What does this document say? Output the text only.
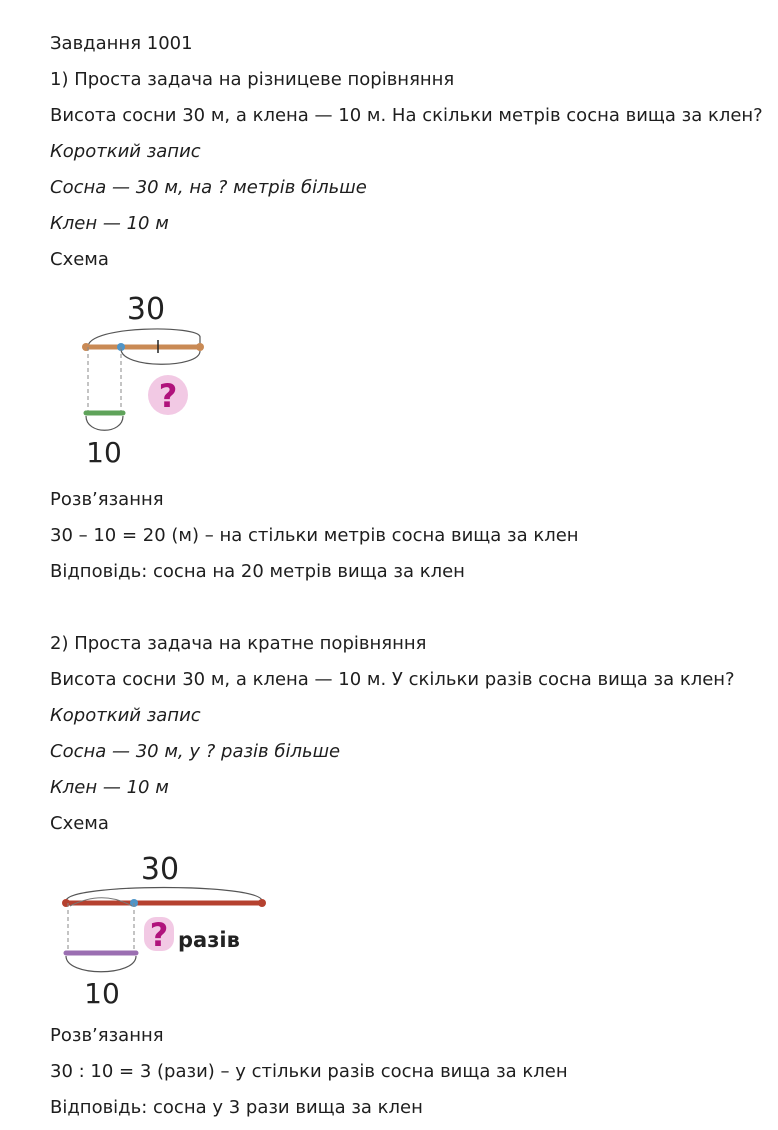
Завдання 1001
1) Проста задача на різницеве порівняння
Висота сосни 30 м, а клена — 10 м. На скільки метрів сосна вища за клен?
Короткий запис
Сосна — 30 м, на ? метрів більше
Клен — 10 м
Схема
30
10
?
Розв’язання
30 – 10 = 20 (м) – на стільки метрів сосна вища за клен
Відповідь: сосна на 20 метрів вища за клен
2) Проста задача на кратне порівняння
Висота сосни 30 м, а клена — 10 м. У скільки разів сосна вища за клен?
Короткий запис
Сосна — 30 м, у ? разів більше
Клен — 10 м
Схема
30
10
? разів
Розв’язання
30 : 10 = 3 (рази) – у стільки разів сосна вища за клен
Відповідь: сосна у 3 рази вища за клен
